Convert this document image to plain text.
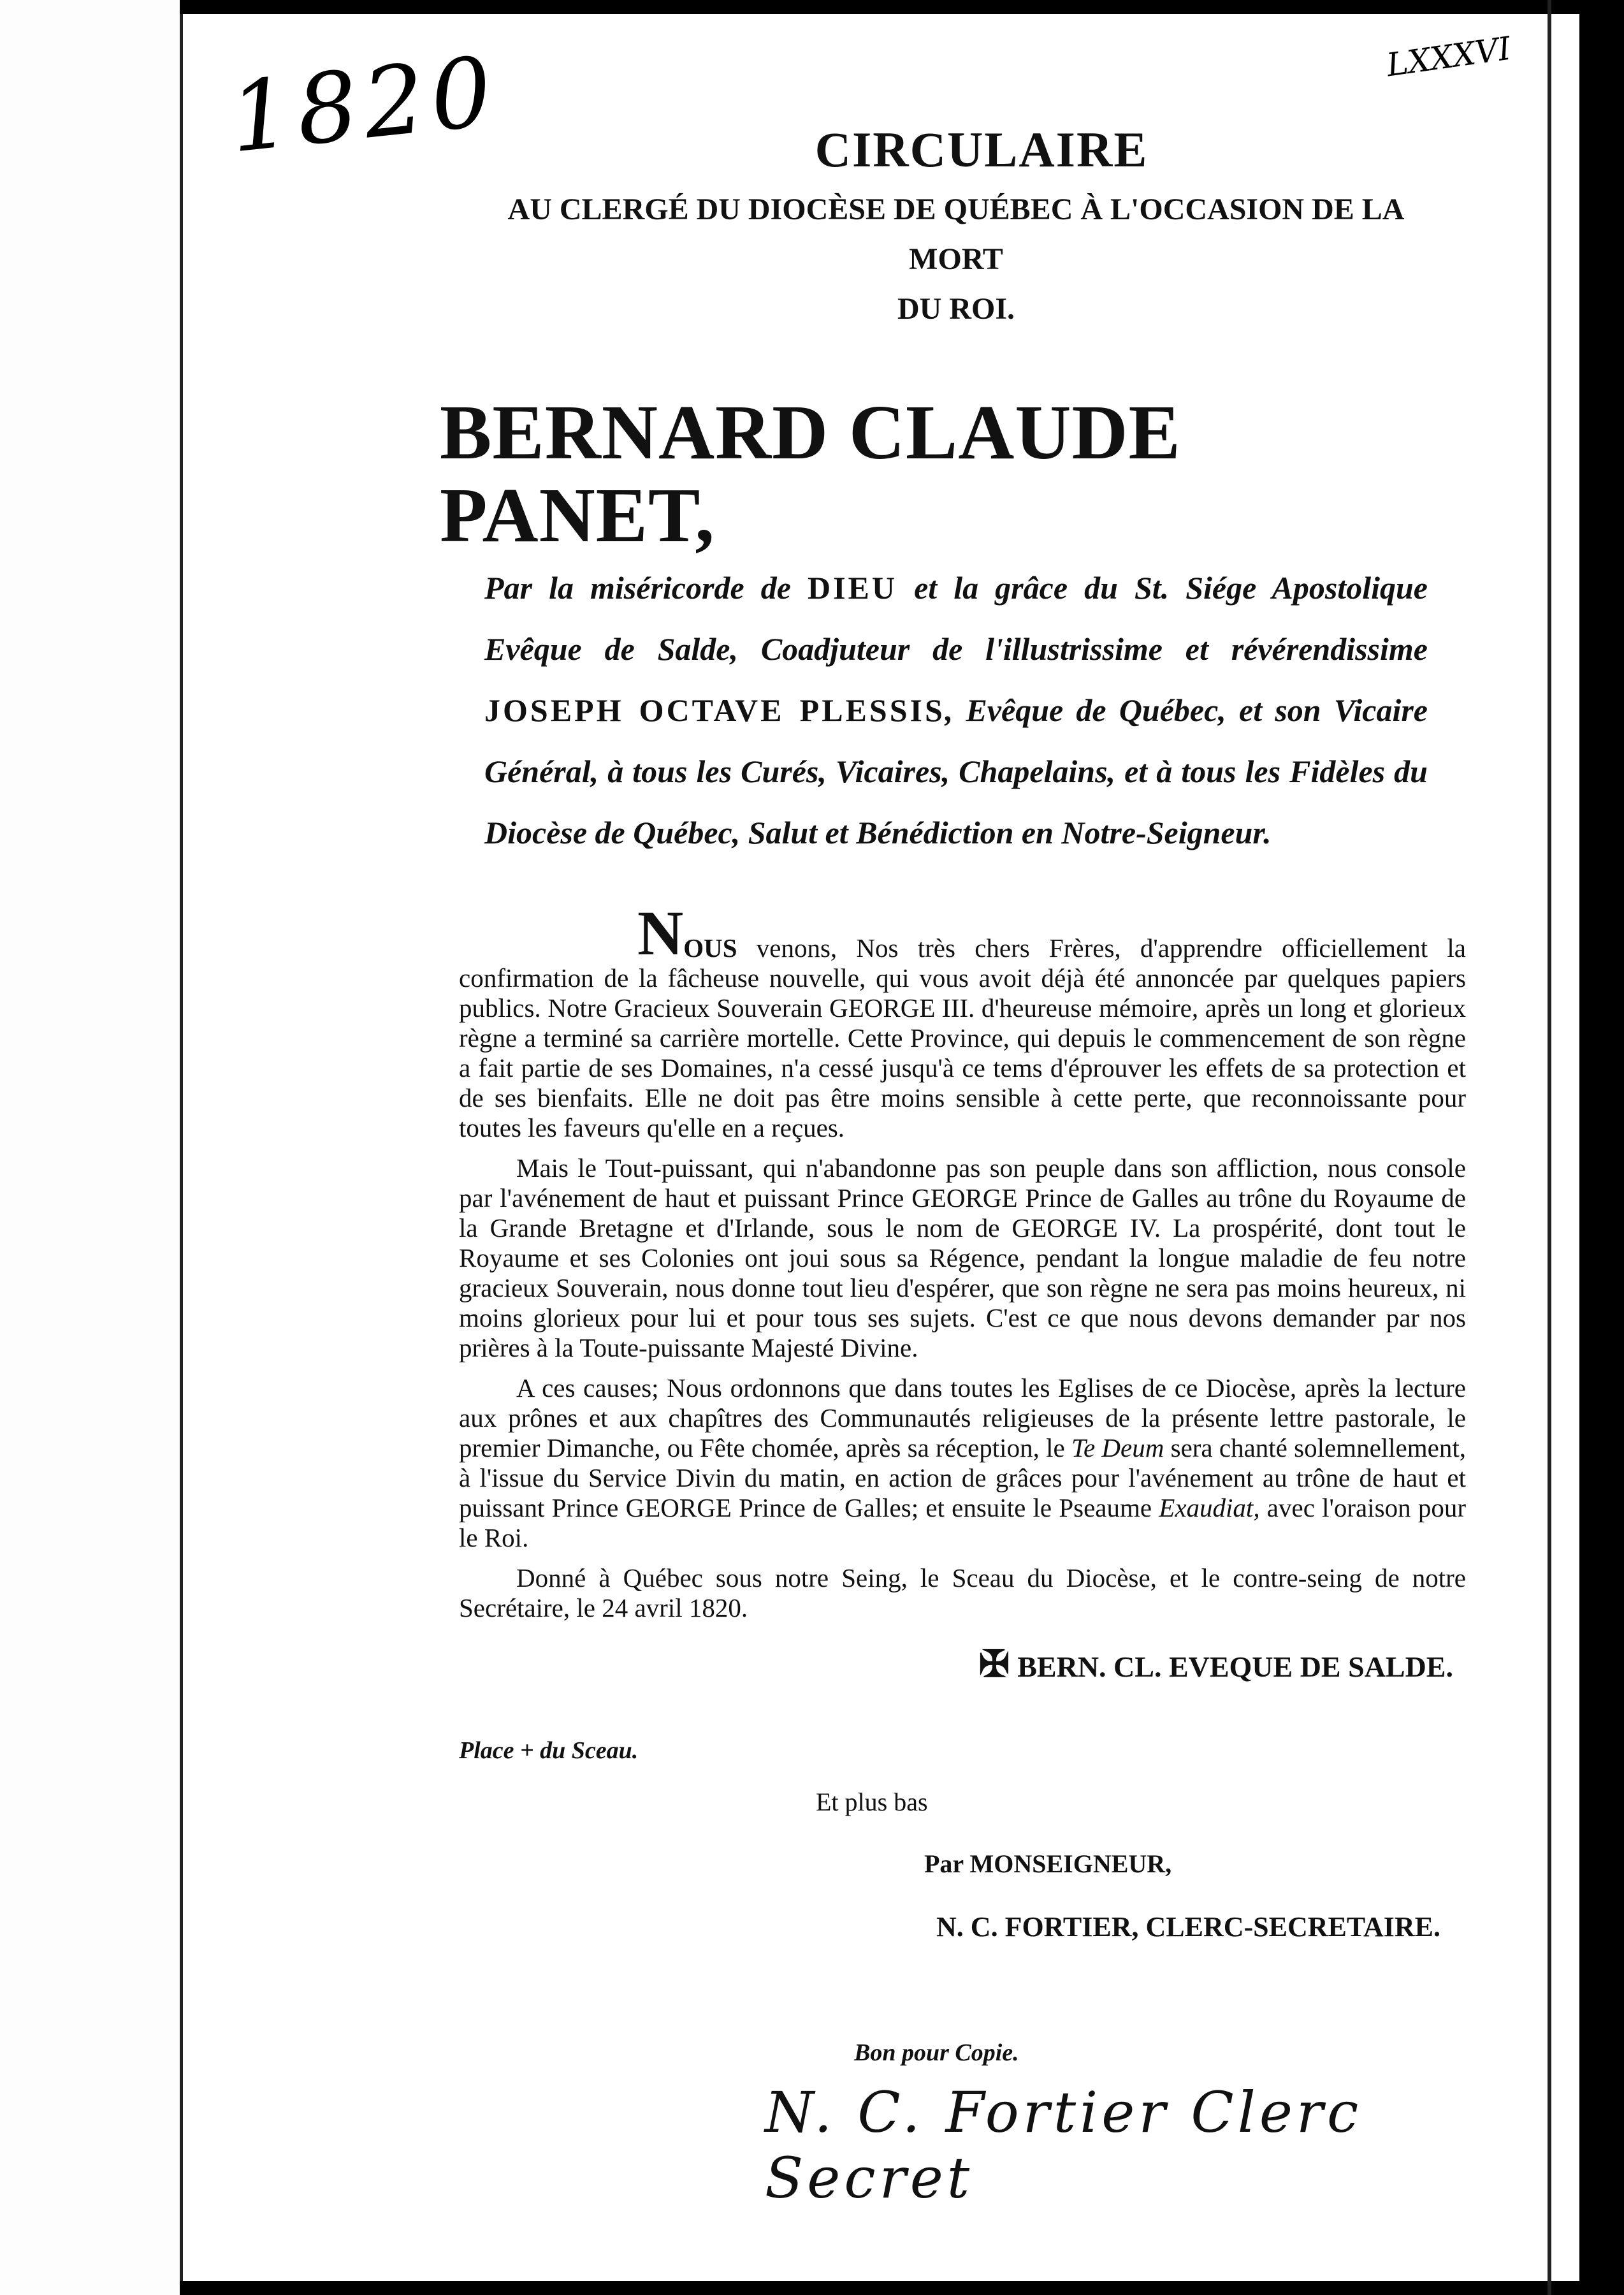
1820	LXXXVI
CIRCULAIRE
AU CLERGÉ DU DIOCÈSE DE QUÉBEC À L'OCCASION DE LA MORT
DU ROI.
BERNARD CLAUDE PANET,
Par la miséricorde de DIEU et la grâce du St. Siége Apostolique Evêque de Salde, Coadjuteur de l'illustrissime et révérendissime JOSEPH OCTAVE PLESSIS, Evêque de Québec, et son Vicaire Général, à tous les Curés, Vicaires, Chapelains, et à tous les Fidèles du Diocèse de Québec, Salut et Bénédiction en Notre-Seigneur.

NOUS venons, Nos très chers Frères, d'apprendre officiellement la confirmation de la fâcheuse nouvelle, qui vous avoit déjà été annoncée par quelques papiers publics. Notre Gracieux Souverain GEORGE III. d'heureuse mémoire, après un long et glorieux règne a terminé sa carrière mortelle. Cette Province, qui depuis le commencement de son règne a fait partie de ses Domaines, n'a cessé jusqu'à ce tems d'éprouver les effets de sa protection et de ses bienfaits. Elle ne doit pas être moins sensible à cette perte, que reconnoissante pour toutes les faveurs qu'elle en a reçues.

Mais le Tout-puissant, qui n'abandonne pas son peuple dans son affliction, nous console par l'avénement de haut et puissant Prince GEORGE Prince de Galles au trône du Royaume de la Grande Bretagne et d'Irlande, sous le nom de GEORGE IV. La prospérité, dont tout le Royaume et ses Colonies ont joui sous sa Régence, pendant la longue maladie de feu notre gracieux Souverain, nous donne tout lieu d'espérer, que son règne ne sera pas moins heureux, ni moins glorieux pour lui et pour tous ses sujets. C'est ce que nous devons demander par nos prières à la Toute-puissante Majesté Divine.

A ces causes; Nous ordonnons que dans toutes les Eglises de ce Diocèse, après la lecture aux prônes et aux chapîtres des Communautés religieuses de la présente lettre pastorale, le premier Dimanche, ou Fête chomée, après sa réception, le Te Deum sera chanté solemnellement, à l'issue du Service Divin du matin, en action de grâces pour l'avénement au trône de haut et puissant Prince GEORGE Prince de Galles; et ensuite le Pseaume Exaudiat, avec l'oraison pour le Roi.

Donné à Québec sous notre Seing, le Sceau du Diocèse, et le contre-seing de notre Secrétaire, le 24 avril 1820.

✠ BERN. CL. EVEQUE DE SALDE.
Place + du Sceau.
Et plus bas
Par MONSEIGNEUR,
N. C. FORTIER, CLERC-SECRETAIRE.
Bon pour Copie.
N. C. Fortier Clerc Secret
